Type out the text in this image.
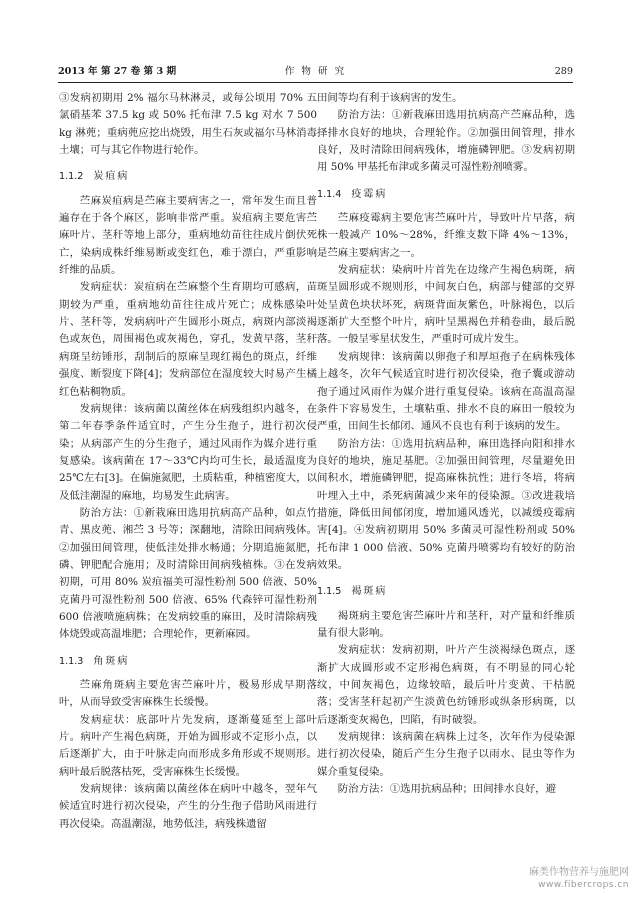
2013 年 第 27 卷 第 3 期	作 物 研 究	289

③发病初期用 2% 福尔马林淋灵，或每公顷用 70% 五氯硝基苯 37.5 kg 或 50% 托布津 7.5 kg 对水 7 500 kg 淋蔸；重病蔸应挖出烧毁，用生石灰或福尔马林消毒土壤；可与其它作物进行轮作。

1.1.2 炭疽病

苎麻炭疽病是苎麻主要病害之一，常年发生而且普遍存在于各个麻区，影响非常严重。炭疽病主要危害苎麻叶片、茎秆等地上部分，重病地幼苗往往成片倒伏死亡，染病成株纤维易断或变红色，难于漂白，严重影响纤维的品质。

发病症状：炭疽病在苎麻整个生育期均可感病，苗期较为严重，重病地幼苗往往成片死亡；成株感染叶片、茎秆等，发病病叶产生圆形小斑点，病斑内部淡褐色或灰色，周围褐色或灰褐色，穿孔，发黄早落，茎秆病斑呈纺锤形，刮制后的原麻呈现红褐色的斑点，纤维强度、断裂度下降[4]；发病部位在湿度较大时易产生橘红色粘稠物质。

发病规律：该病菌以菌丝体在病残组织内越冬，在第二年春季条件适宜时，产生分生孢子，进行初次侵染；从病部产生的分生孢子，通过风雨作为媒介进行重复感染。该病菌在 17～33℃内均可生长，最适温度为 25℃左右[3]。在偏施氮肥，土质粘重，种植密度大，以及低洼潮湿的麻地，均易发生此病害。

防治方法：①新栽麻田选用抗病高产品种，如点竹青、黑皮蔸、湘苎 3 号等；深翻地，清除田间病残体。②加强田间管理，使低洼处排水畅通；分期追施氮肥，磷、钾肥配合施用；及时清除田间病残植株。③在发病初期，可用 80% 炭疽福美可湿性粉剂 500 倍液、50% 克菌丹可湿性粉剂 500 倍液、65% 代森锌可湿性粉剂 600 倍液喷施病株；在发病较重的麻田，及时清除病残体烧毁或高温堆肥；合理轮作，更新麻园。

1.1.3 角斑病

苎麻角斑病主要危害苎麻叶片，极易形成早期落叶，从而导致受害麻株生长缓慢。

发病症状：底部叶片先发病，逐渐蔓延至上部叶片。病叶产生褐色病斑，开始为圆形或不定形小点，以后逐渐扩大，由于叶脉走向而形成多角形或不规则形。病叶最后脱落枯死，受害麻株生长缓慢。

发病规律：该病菌以菌丝体在病叶中越冬，翌年气候适宜时进行初次侵染，产生的分生孢子借助风雨进行再次侵染。高温潮湿，地势低洼，病残株遗留

田间等均有利于该病害的发生。

防治方法：①新栽麻田选用抗病高产苎麻品种，选择排水良好的地块，合理轮作。②加强田间管理，排水良好，及时清除田间病残体，增施磷钾肥。③发病初期用 50% 甲基托布津或多菌灵可湿性粉剂喷雾。

1.1.4 疫霉病

苎麻疫霉病主要危害苎麻叶片，导致叶片早落，病株一般减产 10%～28%，纤维支数下降 4%～13%，是苎麻主要病害之一。

发病症状：染病叶片首先在边缘产生褐色病斑，病斑呈圆形或不规则形，中间灰白色，病部与健部的交界处呈黄色块状坏死，病斑背面灰紫色，叶脉褐色，以后逐渐扩大至整个叶片，病叶呈黑褐色并稍卷曲，最后脱落。一般呈零星状发生，严重时可成片发生。

发病规律：该病菌以卵孢子和厚垣孢子在病株残体上越冬，次年气候适宜时进行初次侵染，孢子囊或游动孢子通过风雨作为媒介进行重复侵染。该病在高温高湿条件下容易发生，土壤粘重、排水不良的麻田一般较为严重，田间生长郁闭、通风不良也有利于该病的发生。

防治方法：①选用抗病品种，麻田选择向阳和排水良好的地块，施足基肥。②加强田间管理，尽量避免田间积水，增施磷钾肥，提高麻株抗性；进行冬培，将病叶埋入土中，杀死病菌减少来年的侵染源。③改进栽培措施，降低田间郁闭度，增加通风透光，以减缓疫霉病害[4]。④发病初期用 50% 多菌灵可湿性粉剂或 50% 托布津 1 000 倍液、50% 克菌丹喷雾均有较好的防治效果。

1.1.5 褐斑病

褐斑病主要危害苎麻叶片和茎秆，对产量和纤维质量有很大影响。

发病症状：发病初期，叶片产生淡褐绿色斑点，逐渐扩大成圆形或不定形褐色病斑，有不明显的同心轮纹，中间灰褐色，边缘较暗，最后叶片变黄、干枯脱落；受害茎秆起初产生淡黄色纺锤形或纵条形病斑，以后逐渐变灰褐色，凹陷，有时破裂。

发病规律：该病菌在病株上过冬，次年作为侵染源进行初次侵染，随后产生分生孢子以雨水、昆虫等作为媒介重复侵染。

防治方法：①选用抗病品种；田间排水良好，避

麻类作物营养与施肥网
www.fibercrops.cn
